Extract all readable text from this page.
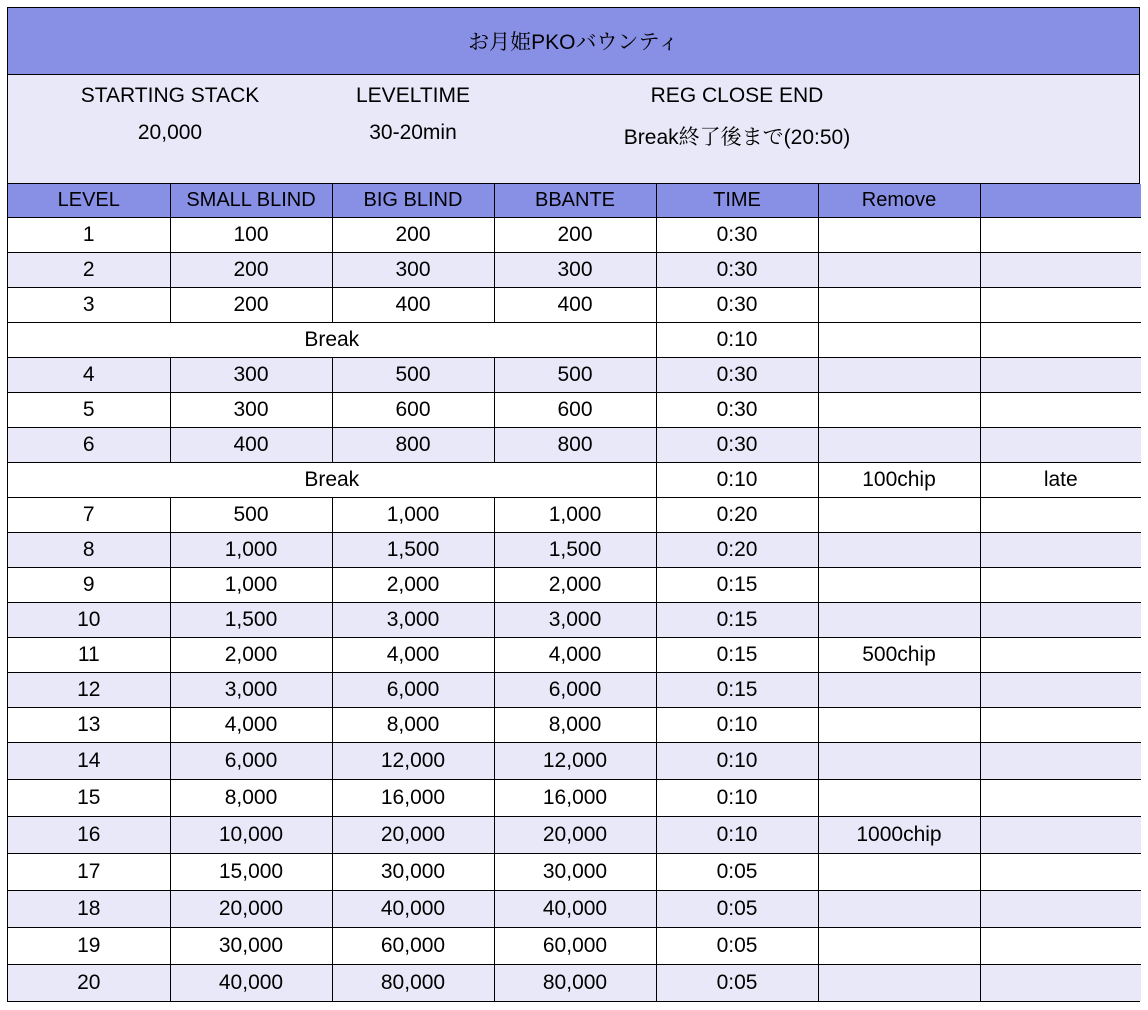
お月姫PKOバウンティ
STARTING STACK
20,000
LEVELTIME
30-20min
REG CLOSE END
Break終了後まで(20:50)
LEVEL	SMALL BLIND	BIG BLIND	BBANTE	TIME	Remove	
1	100	200	200	0:30		
2	200	300	300	0:30		
3	200	400	400	0:30		
Break				0:10		
4	300	500	500	0:30		
5	300	600	600	0:30		
6	400	800	800	0:30		
Break				0:10	100chip	late
7	500	1,000	1,000	0:20		
8	1,000	1,500	1,500	0:20		
9	1,000	2,000	2,000	0:15		
10	1,500	3,000	3,000	0:15		
11	2,000	4,000	4,000	0:15	500chip	
12	3,000	6,000	6,000	0:15		
13	4,000	8,000	8,000	0:10		
14	6,000	12,000	12,000	0:10		
15	8,000	16,000	16,000	0:10		
16	10,000	20,000	20,000	0:10	1000chip	
17	15,000	30,000	30,000	0:05		
18	20,000	40,000	40,000	0:05		
19	30,000	60,000	60,000	0:05		
20	40,000	80,000	80,000	0:05		
